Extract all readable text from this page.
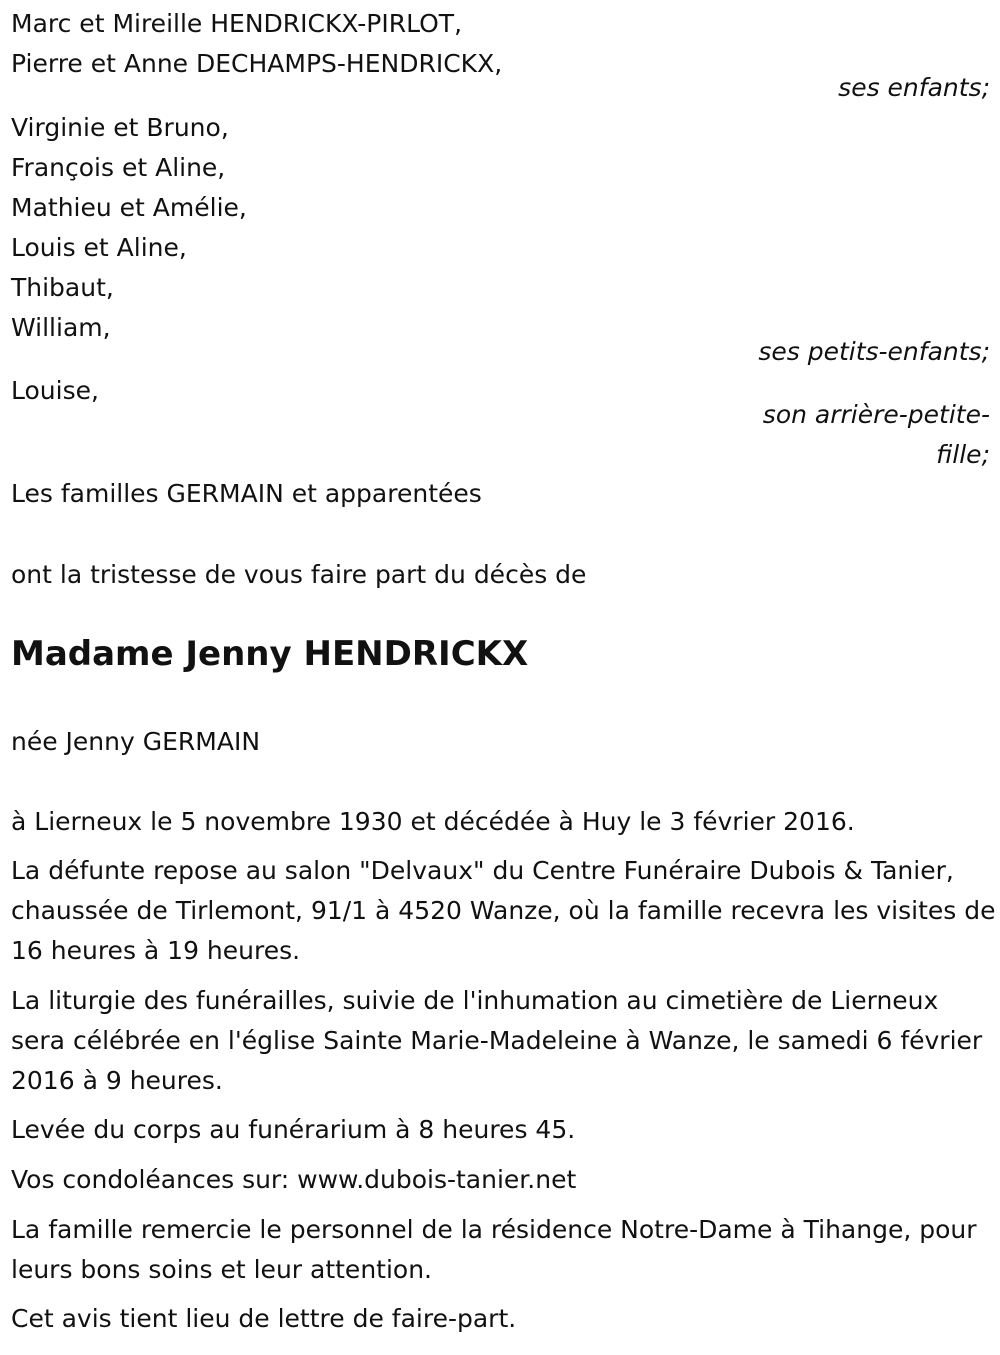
Marc et Mireille HENDRICKX-PIRLOT,
Pierre et Anne DECHAMPS-HENDRICKX,
ses enfants;
Virginie et Bruno,
François et Aline,
Mathieu et Amélie,
Louis et Aline,
Thibaut,
William,
ses petits-enfants;
Louise,
son arrière-petite-
fille;
Les familles GERMAIN et apparentées
ont la tristesse de vous faire part du décès de
Madame Jenny HENDRICKX
née Jenny GERMAIN
à Lierneux le 5 novembre 1930 et décédée à Huy le 3 février 2016.
La défunte repose au salon "Delvaux" du Centre Funéraire Dubois & Tanier, chaussée de Tirlemont, 91/1 à 4520 Wanze, où la famille recevra les visites de 16 heures à 19 heures.
La liturgie des funérailles, suivie de l'inhumation au cimetière de Lierneux sera célébrée en l'église Sainte Marie-Madeleine à Wanze, le samedi 6 février 2016 à 9 heures.
Levée du corps au funérarium à 8 heures 45.
Vos condoléances sur: www.dubois-tanier.net
La famille remercie le personnel de la résidence Notre-Dame à Tihange, pour leurs bons soins et leur attention.
Cet avis tient lieu de lettre de faire-part.
